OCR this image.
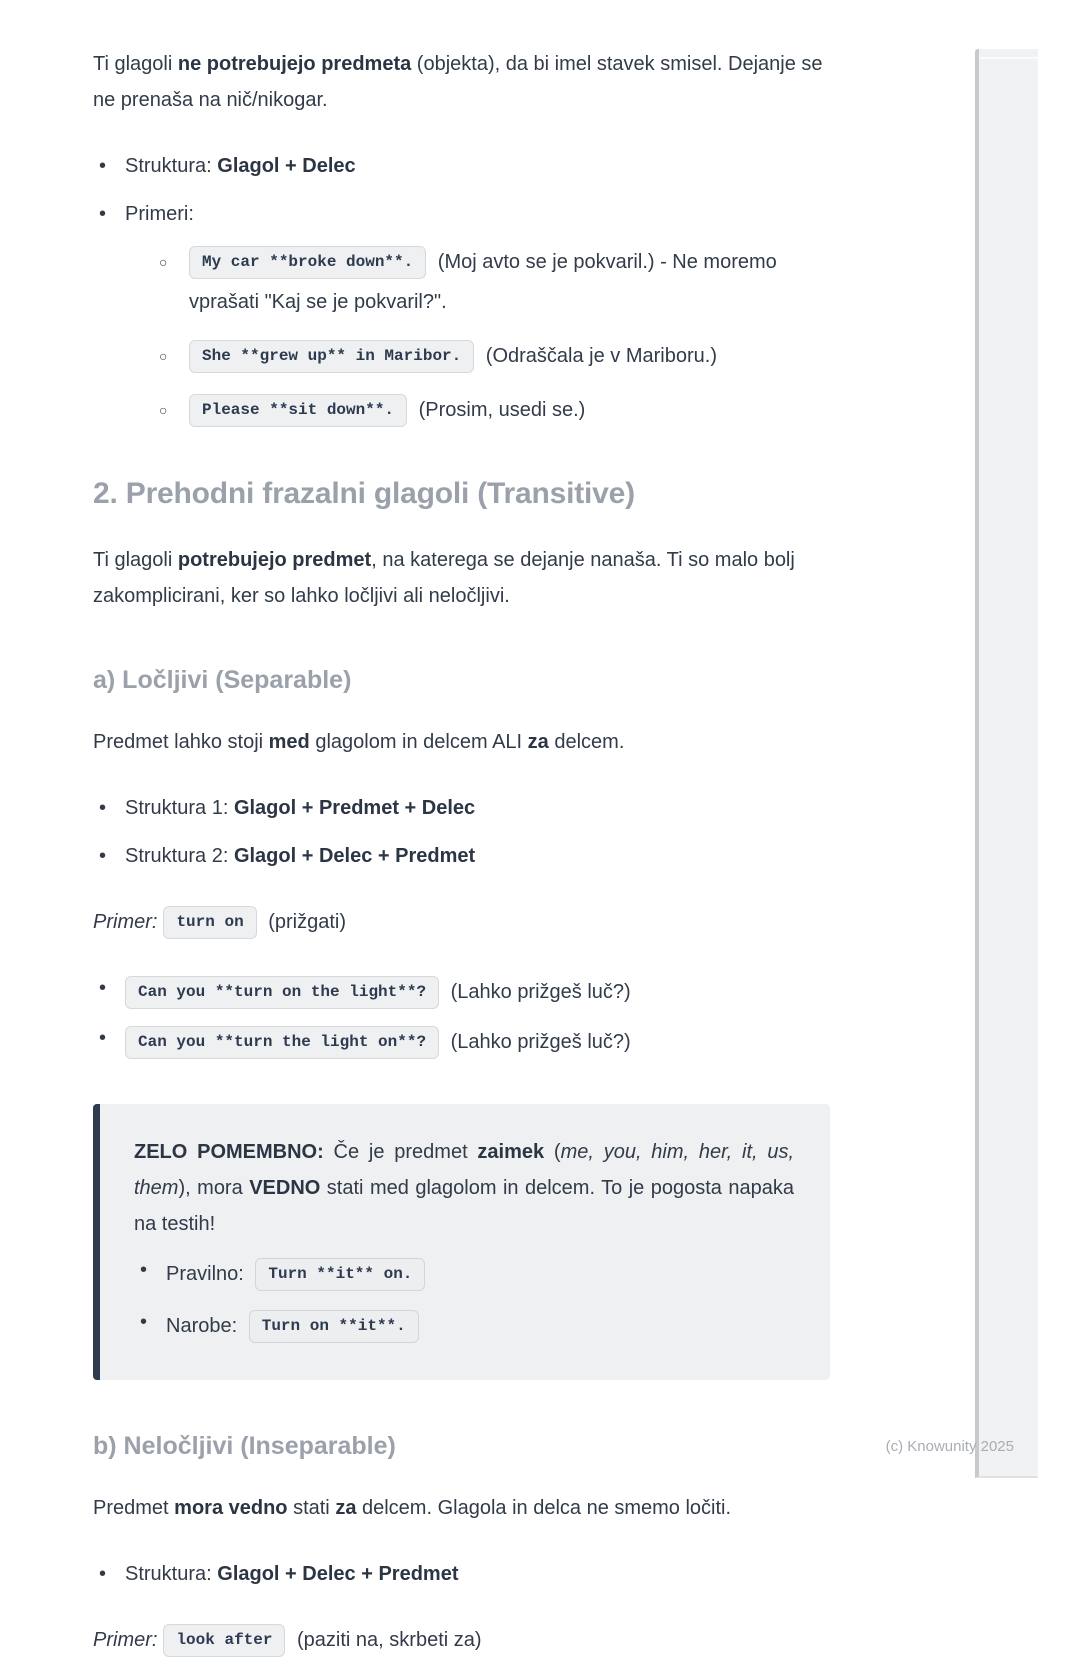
Ti glagoli ne potrebujejo predmeta (objekta), da bi imel stavek smisel. Dejanje se ne prenaša na nič/nikogar.

• Struktura: Glagol + Delec
• Primeri:
○ My car **broke down**. (Moj avto se je pokvaril.) - Ne moremo vprašati "Kaj se je pokvaril?".
○ She **grew up** in Maribor. (Odraščala je v Mariboru.)
○ Please **sit down**. (Prosim, usedi se.)
2. Prehodni frazalni glagoli (Transitive)

Ti glagoli potrebujejo predmet, na katerega se dejanje nanaša. Ti so malo bolj zakomplicirani, ker so lahko ločljivi ali neločljivi.

a) Ločljivi (Separable)

Predmet lahko stoji med glagolom in delcem ALI za delcem.

• Struktura 1: Glagol + Predmet + Delec
• Struktura 2: Glagol + Delec + Predmet

Primer: turn on (prižgati)

• Can you **turn on the light**? (Lahko prižgeš luč?)
• Can you **turn the light on**? (Lahko prižgeš luč?)

ZELO POMEMBNO: Če je predmet zaimek (me, you, him, her, it, us, them), mora VEDNO stati med glagolom in delcem. To je pogosta napaka na testih!

• Pravilno: Turn **it** on.
• Narobe: Turn on **it**.
b) Neločljivi (Inseparable)

Predmet mora vedno stati za delcem. Glagola in delca ne smemo ločiti.

• Struktura: Glagol + Delec + Predmet

Primer: look after (paziti na, skrbeti za)

(c) Knowunity 2025
